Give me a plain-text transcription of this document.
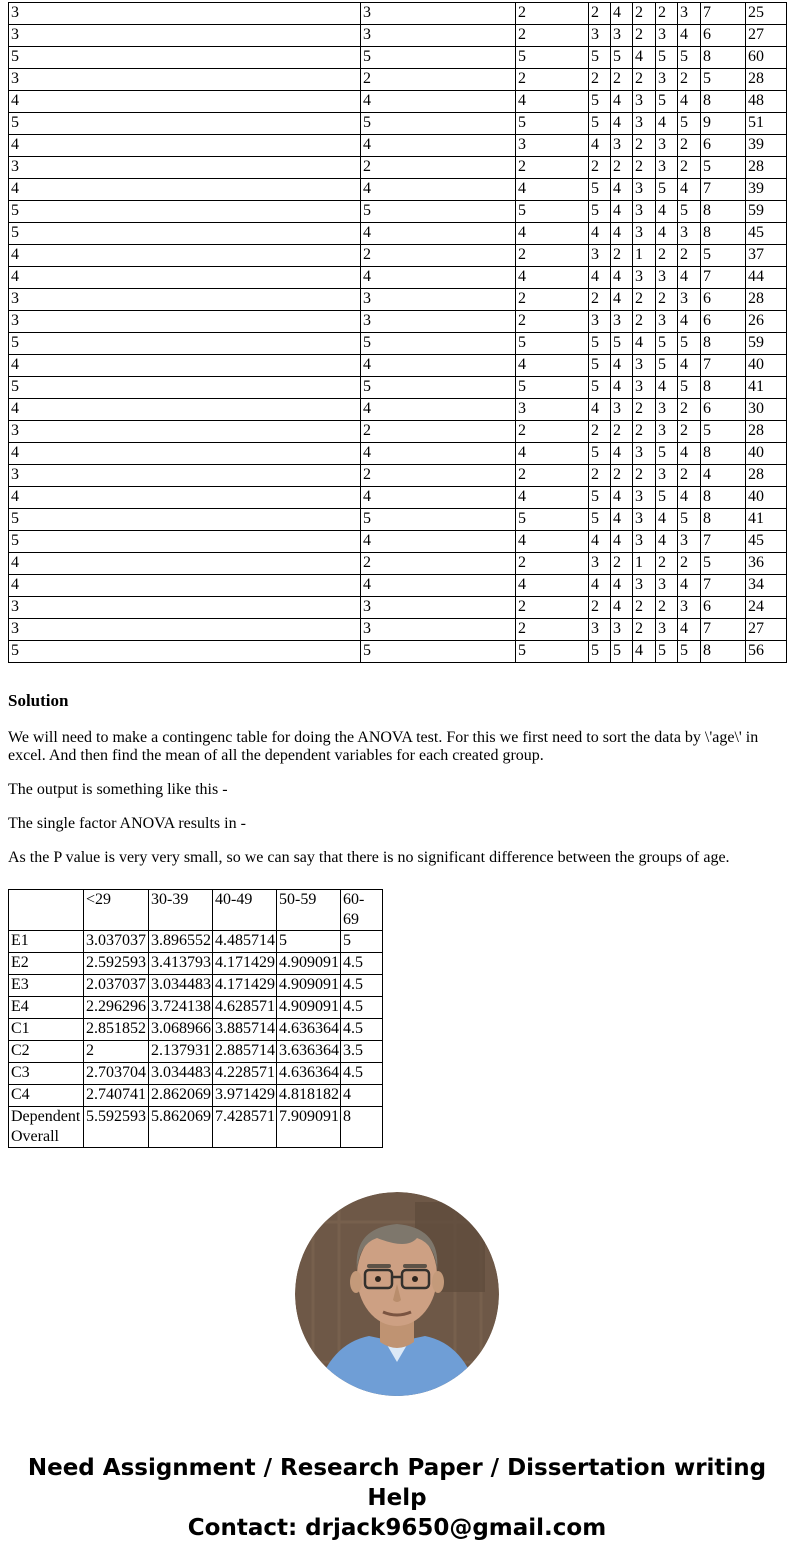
3	3	2	2	4	2	2	3	7	25
3	3	2	3	3	2	3	4	6	27
5	5	5	5	5	4	5	5	8	60
3	2	2	2	2	2	3	2	5	28
4	4	4	5	4	3	5	4	8	48
5	5	5	5	4	3	4	5	9	51
4	4	3	4	3	2	3	2	6	39
3	2	2	2	2	2	3	2	5	28
4	4	4	5	4	3	5	4	7	39
5	5	5	5	4	3	4	5	8	59
5	4	4	4	4	3	4	3	8	45
4	2	2	3	2	1	2	2	5	37
4	4	4	4	4	3	3	4	7	44
3	3	2	2	4	2	2	3	6	28
3	3	2	3	3	2	3	4	6	26
5	5	5	5	5	4	5	5	8	59
4	4	4	5	4	3	5	4	7	40
5	5	5	5	4	3	4	5	8	41
4	4	3	4	3	2	3	2	6	30
3	2	2	2	2	2	3	2	5	28
4	4	4	5	4	3	5	4	8	40
3	2	2	2	2	2	3	2	4	28
4	4	4	5	4	3	5	4	8	40
5	5	5	5	4	3	4	5	8	41
5	4	4	4	4	3	4	3	7	45
4	2	2	3	2	1	2	2	5	36
4	4	4	4	4	3	3	4	7	34
3	3	2	2	4	2	2	3	6	24
3	3	2	3	3	2	3	4	7	27
5	5	5	5	5	4	5	5	8	56
Solution

We will need to make a contingenc table for doing the ANOVA test. For this we first need to sort the data by \'age\' in excel. And then find the mean of all the dependent variables for each created group.

The output is something like this -

The single factor ANOVA results in -

As the P value is very very small, so we can say that there is no significant difference between the groups of age.

	<29	30-39	40-49	50-59	60-69
E1	3.037037	3.896552	4.485714	5	5
E2	2.592593	3.413793	4.171429	4.909091	4.5
E3	2.037037	3.034483	4.171429	4.909091	4.5
E4	2.296296	3.724138	4.628571	4.909091	4.5
C1	2.851852	3.068966	3.885714	4.636364	4.5
C2	2	2.137931	2.885714	3.636364	3.5
C3	2.703704	3.034483	4.228571	4.636364	4.5
C4	2.740741	2.862069	3.971429	4.818182	4
Dependent Overall	5.592593	5.862069	7.428571	7.909091	8
Need Assignment / Research Paper / Dissertation writing Help
Contact: drjack9650@gmail.com
